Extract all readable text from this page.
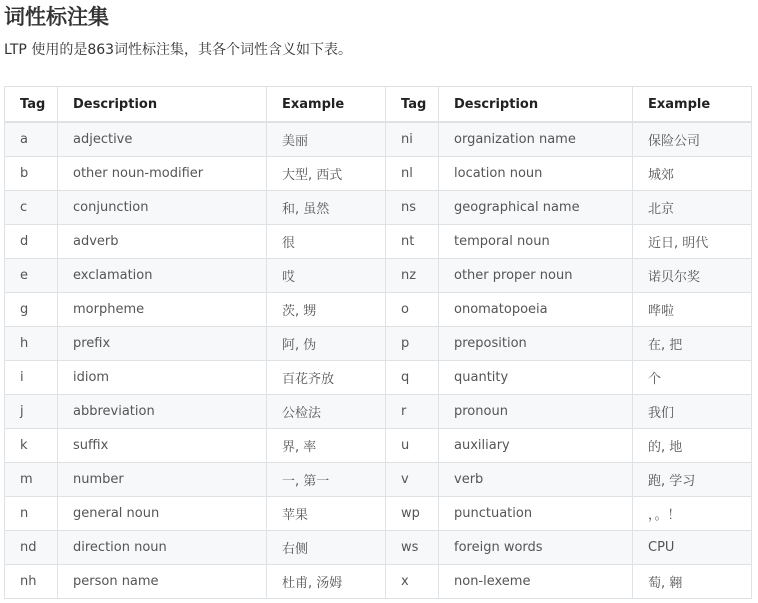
词性标注集

LTP 使用的是863词性标注集，其各个词性含义如下表。

Tag	Description	Example	Tag	Description	Example
a	adjective	美丽	ni	organization name	保险公司
b	other noun-modifier	大型, 西式	nl	location noun	城郊
c	conjunction	和, 虽然	ns	geographical name	北京
d	adverb	很	nt	temporal noun	近日, 明代
e	exclamation	哎	nz	other proper noun	诺贝尔奖
g	morpheme	茨, 甥	o	onomatopoeia	哗啦
h	prefix	阿, 伪	p	preposition	在, 把
i	idiom	百花齐放	q	quantity	个
j	abbreviation	公检法	r	pronoun	我们
k	suffix	界, 率	u	auxiliary	的, 地
m	number	一, 第一	v	verb	跑, 学习
n	general noun	苹果	wp	punctuation	，。！
nd	direction noun	右侧	ws	foreign words	CPU
nh	person name	杜甫, 汤姆	x	non-lexeme	萄, 翱
